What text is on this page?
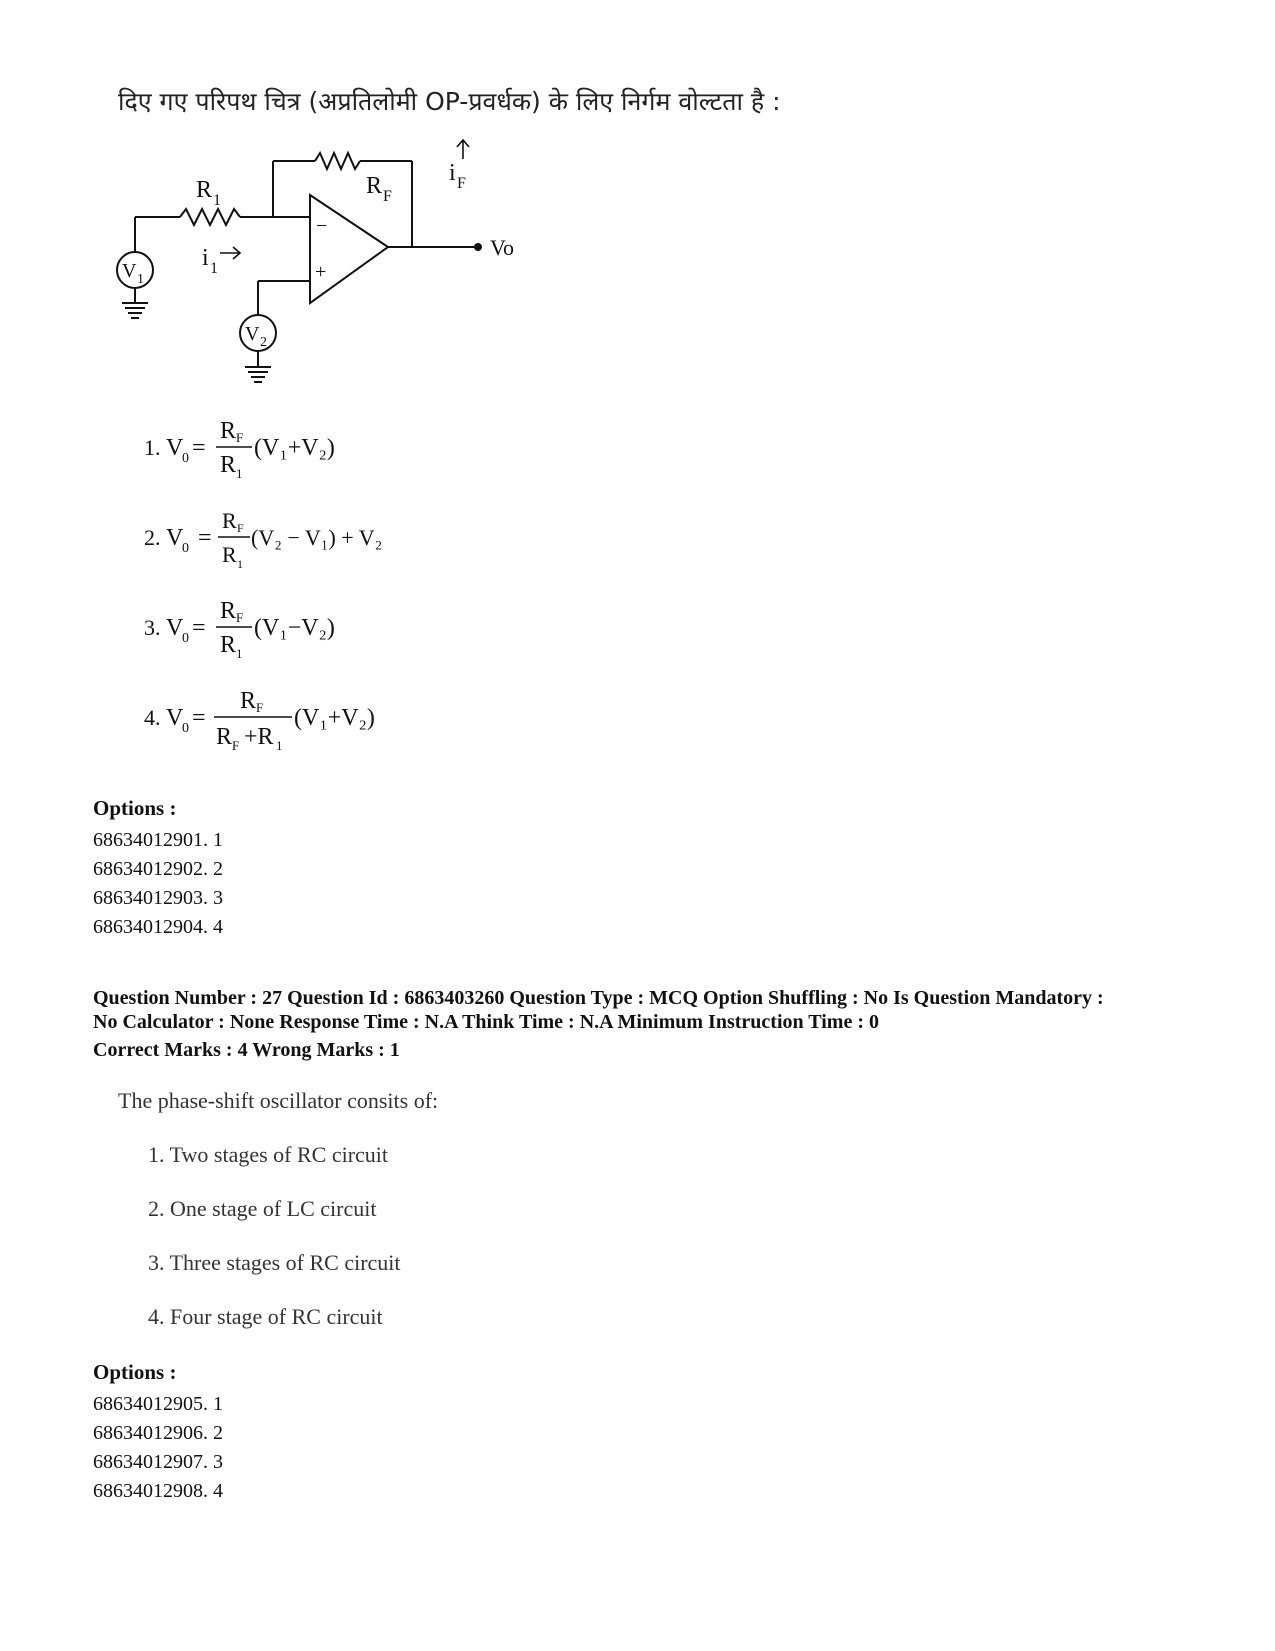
दिए गए परिपथ चित्र (अप्रतिलोमी OP-प्रवर्धक) के लिए निर्गम वोल्टता है :
R 1
R F
i 1
i F
V 1
V 2
Vo
−
+
1. V
0 =
R F
R 1
(V₁+V₂)
2. V
0 =
R F
R 1
(V₂ − V₁) + V₂
3. V
0 =
R F
R 1
(V₁−V₂)
4. V
0 =
R F
R F +R 1
(V₁+V₂)
Options :
68634012901. 1
68634012902. 2
68634012903. 3
68634012904. 4
Question Number : 27 Question Id : 6863403260 Question Type : MCQ Option Shuffling : No Is Question Mandatory :
No Calculator : None Response Time : N.A Think Time : N.A Minimum Instruction Time : 0
Correct Marks : 4 Wrong Marks : 1
The phase-shift oscillator consits of:
1. Two stages of RC circuit
2. One stage of LC circuit
3. Three stages of RC circuit
4. Four stage of RC circuit
Options :
68634012905. 1
68634012906. 2
68634012907. 3
68634012908. 4
